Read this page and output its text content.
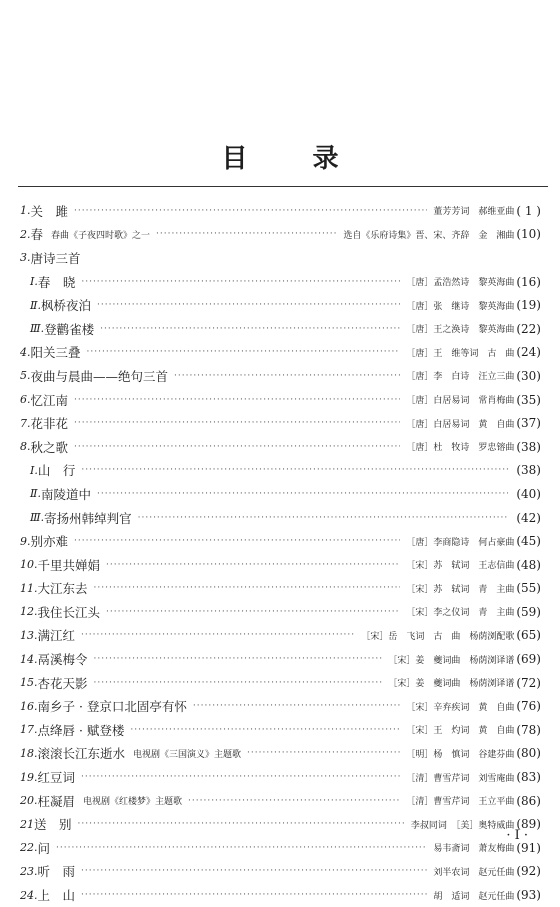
目 录
1. 关　雎 ·····	董芳芳词　郝维亚曲 ( 1 )
2. 春 春曲《子夜四时歌》之一 ·····	选自《乐府诗集》晋、宋、齐辞　金　湘曲 (10)
3. 唐诗三首
Ⅰ. 春　晓 ·····	［唐］孟浩然诗　黎英海曲 (16)
Ⅱ. 枫桥夜泊 ·····	［唐］张　继诗　黎英海曲 (19)
Ⅲ. 登鹳雀楼 ·····	［唐］王之涣诗　黎英海曲 (22)
4. 阳关三叠 ·····	［唐］王　维等词　古　曲 (24)
5. 夜曲与晨曲——绝句三首 ·····	［唐］李　白诗　汪立三曲 (30)
6. 忆江南 ·····	［唐］白居易词　常肖梅曲 (35)
7. 花非花 ·····	［唐］白居易词　黄　自曲 (37)
8. 秋之歌 ·····	［唐］杜　牧诗　罗忠镕曲 (38)
Ⅰ. 山　行 ·····	(38)
Ⅱ. 南陵道中 ·····	(40)
Ⅲ. 寄扬州韩绰判官 ·····	(42)
9. 别亦难 ·····	［唐］李商隐诗　何占豪曲 (45)
10. 千里共婵娟 ·····	［宋］苏　轼词　王志信曲 (48)
11. 大江东去 ·····	［宋］苏　轼词　青　主曲 (55)
12. 我住长江头 ·····	［宋］李之仪词　青　主曲 (59)
13. 满江红 ·····	［宋］岳　飞词　古　曲　杨荫浏配歌 (65)
14. 鬲溪梅令 ·····	［宋］姜　夔词曲　杨荫浏译谱 (69)
15. 杏花天影 ·····	［宋］姜　夔词曲　杨荫浏译谱 (72)
16. 南乡子 · 登京口北固亭有怀 ·····	［宋］辛弃疾词　黄　自曲 (76)
17. 点绛唇 · 赋登楼 ·····	［宋］王　灼词　黄　自曲 (78)
18. 滚滚长江东逝水 电视剧《三国演义》主题歌 ·····	［明］杨　慎词　谷建芬曲 (80)
19. 红豆词 ·····	［清］曹雪芹词　刘雪庵曲 (83)
20. 枉凝眉 电视剧《红楼梦》主题歌 ·····	［清］曹雪芹词　王立平曲 (86)
21 送　别 ·····	李叔同词　［美］奥特威曲 (89)
22. 问 ·····	易韦斋词　萧友梅曲 (91)
23. 听　雨 ·····	刘半农词　赵元任曲 (92)
24. 上　山 ·····	胡　适词　赵元任曲 (93)
· Ⅰ ·
